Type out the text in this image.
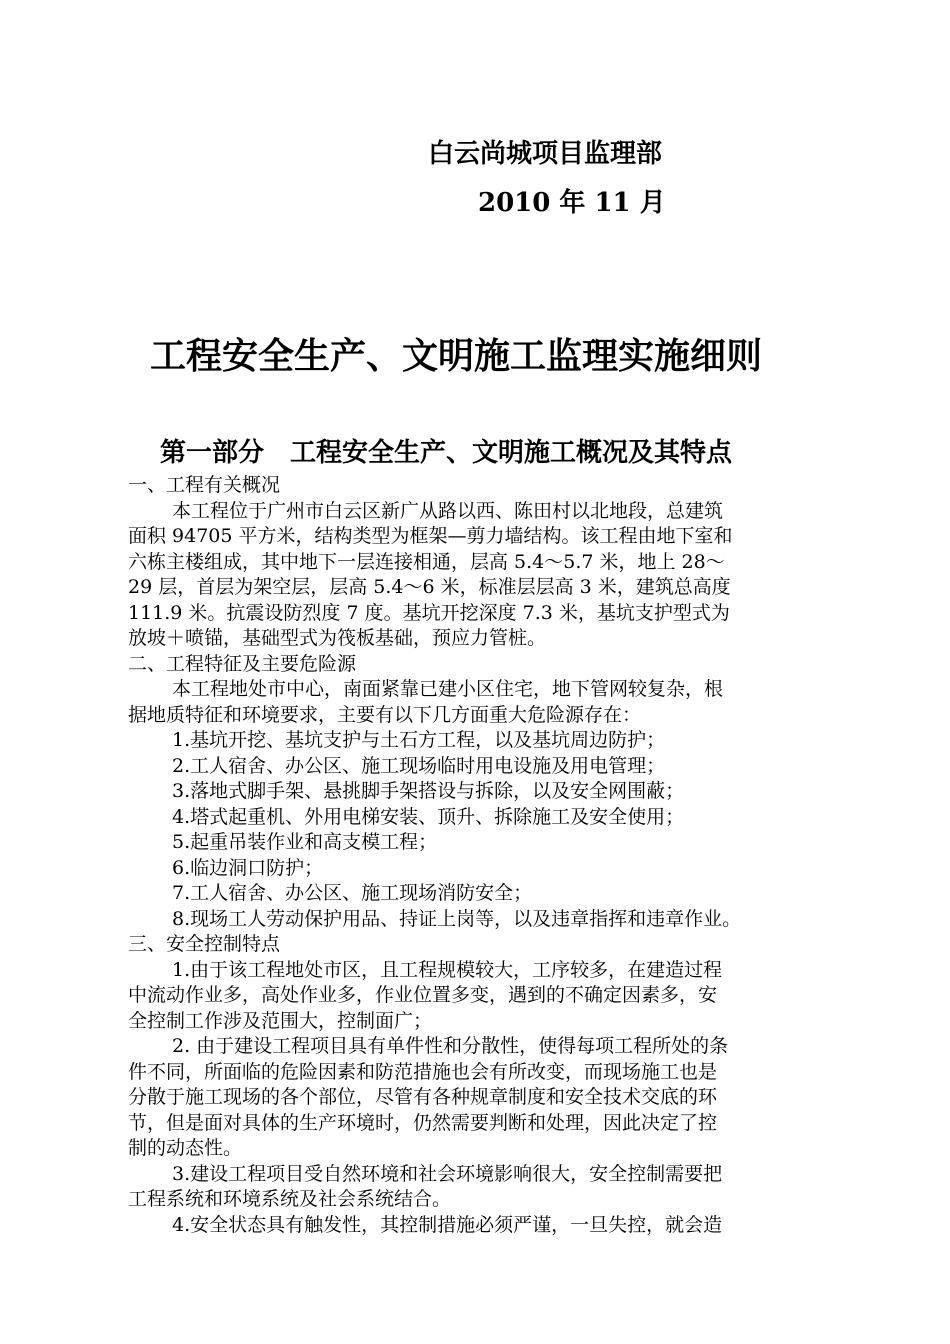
白云尚城项目监理部
2010 年 11 月
工程安全生产、文明施工监理实施细则
第一部分　工程安全生产、文明施工概况及其特点

一、工程有关概况

本工程位于广州市白云区新广从路以西、陈田村以北地段，总建筑

面积 94705 平方米，结构类型为框架—剪力墙结构。该工程由地下室和

六栋主楼组成，其中地下一层连接相通，层高 5.4～5.7 米，地上 28～

29 层，首层为架空层，层高 5.4～6 米，标准层层高 3 米，建筑总高度

111.9 米。抗震设防烈度 7 度。基坑开挖深度 7.3 米，基坑支护型式为

放坡＋喷锚，基础型式为筏板基础，预应力管桩。

二、工程特征及主要危险源

本工程地处市中心，南面紧靠已建小区住宅，地下管网较复杂，根

据地质特征和环境要求，主要有以下几方面重大危险源存在：

1.基坑开挖、基坑支护与土石方工程，以及基坑周边防护；

2.工人宿舍、办公区、施工现场临时用电设施及用电管理；

3.落地式脚手架、悬挑脚手架搭设与拆除，以及安全网围蔽；

4.塔式起重机、外用电梯安装、顶升、拆除施工及安全使用；

5.起重吊装作业和高支模工程；

6.临边洞口防护；

7.工人宿舍、办公区、施工现场消防安全；

8.现场工人劳动保护用品、持证上岗等，以及违章指挥和违章作业。

三、安全控制特点

1.由于该工程地处市区，且工程规模较大，工序较多，在建造过程

中流动作业多，高处作业多，作业位置多变，遇到的不确定因素多，安

全控制工作涉及范围大，控制面广；

2. 由于建设工程项目具有单件性和分散性，使得每项工程所处的条

件不同，所面临的危险因素和防范措施也会有所改变，而现场施工也是

分散于施工现场的各个部位，尽管有各种规章制度和安全技术交底的环

节，但是面对具体的生产环境时，仍然需要判断和处理，因此决定了控

制的动态性。

3.建设工程项目受自然环境和社会环境影响很大，安全控制需要把

工程系统和环境系统及社会系统结合。

4.安全状态具有触发性，其控制措施必须严谨，一旦失控，就会造
